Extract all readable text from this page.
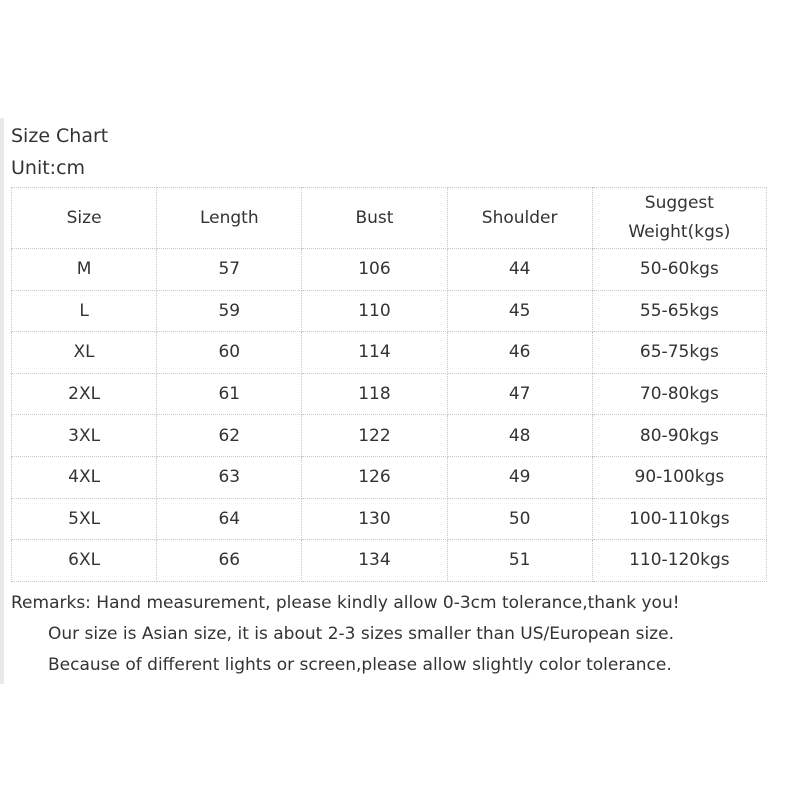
Size Chart
Unit:cm
Size	Length	Bust	Shoulder	Suggest
Weight(kgs)

M	57	106	44	50-60kgs
L	59	110	45	55-65kgs
XL	60	114	46	65-75kgs
2XL	61	118	47	70-80kgs
3XL	62	122	48	80-90kgs
4XL	63	126	49	90-100kgs
5XL	64	130	50	100-110kgs
6XL	66	134	51	110-120kgs
Remarks: Hand measurement, please kindly allow 0-3cm tolerance,thank you!
Our size is Asian size, it is about 2-3 sizes smaller than US/European size.
Because of different lights or screen,please allow slightly color tolerance.
